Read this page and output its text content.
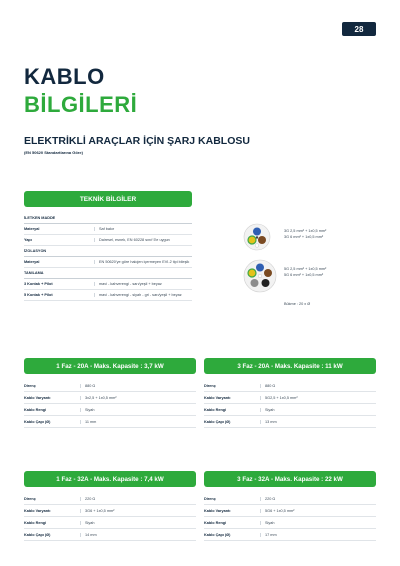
28
KABLO
BİLGİLERİ
ELEKTRİKLİ ARAÇLAR İÇİN ŞARJ KABLOSU
(EN 50620 Standartlarına Göre)
TEKNİK BİLGİLER
İLETKEN MADDE
Materyal	Saf bakır
Yapı	Dairesel, esnek, EN 60228 sınıf 5'e uygun
İZOLASYON
Materyal	EN 50620'ye göre halojen içermeyen EVI-2 tipi bileşik
TANILAMA
3 Kontak + Pilot	mavi - kahverengi - sarı/yeşil + beyaz
5 Kontak + Pilot	mavi - kahverengi - siyah - gri - sarı/yeşil + beyaz
3G 2,5 mm² + 1x0,5 mm²
3G 6 mm² + 1x0,5 mm²
5G 2,5 mm² + 1x0,5 mm²
5G 6 mm² + 1x0,5 mm²
Bükme : 20 x Ø
1 Faz - 20A - Maks. Kapasite : 3,7 kW
Direnç	880 Ω
Kablo Varyantı	3x2,5 + 1x0,5 mm²
Kablo Rengi	Siyah
Kablo Çapı (Ø)	11 mm
3 Faz - 20A - Maks. Kapasite : 11 kW
Direnç	880 Ω
Kablo Varyantı	5G2,5 + 1x0,5 mm²
Kablo Rengi	Siyah
Kablo Çapı (Ø)	13 mm
1 Faz - 32A - Maks. Kapasite : 7,4 kW
Direnç	220 Ω
Kablo Varyantı	3G6 + 1x0,5 mm²
Kablo Rengi	Siyah
Kablo Çapı (Ø)	14 mm
3 Faz - 32A - Maks. Kapasite : 22 kW
Direnç	220 Ω
Kablo Varyantı	5G6 + 1x0,5 mm²
Kablo Rengi	Siyah
Kablo Çapı (Ø)	17 mm
